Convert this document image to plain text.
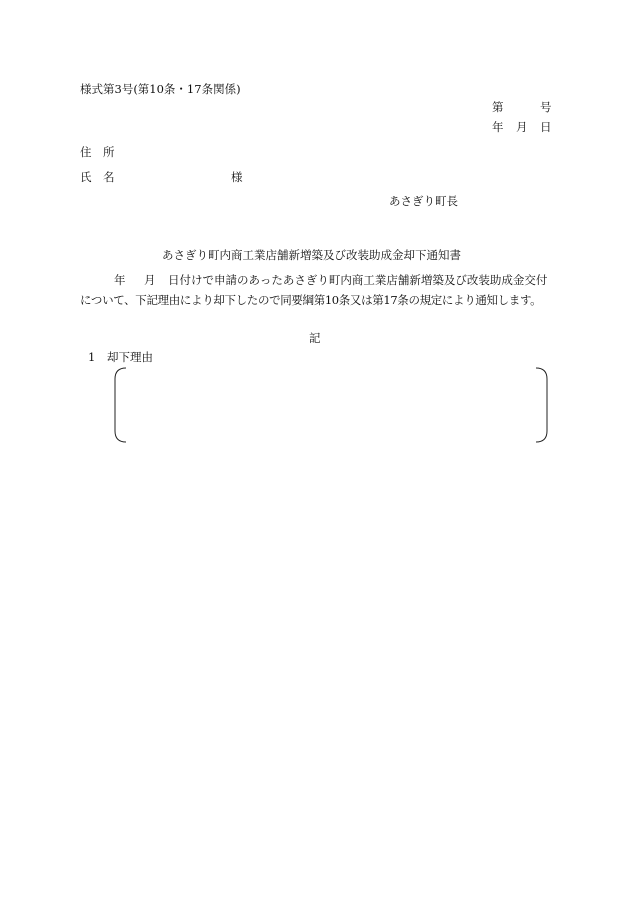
様式第3号(第10条・17条関係)
第	号
年 月 日
住　所
氏　名	様
あさぎり町長
あさぎり町内商工業店舗新増築及び改装助成金却下通知書
年 月 日付けで申請のあったあさぎり町内商工業店舗新増築及び改装助成金交付
について、下記理由により却下したので同要綱第10条又は第17条の規定により通知します。
記
1 却下理由
